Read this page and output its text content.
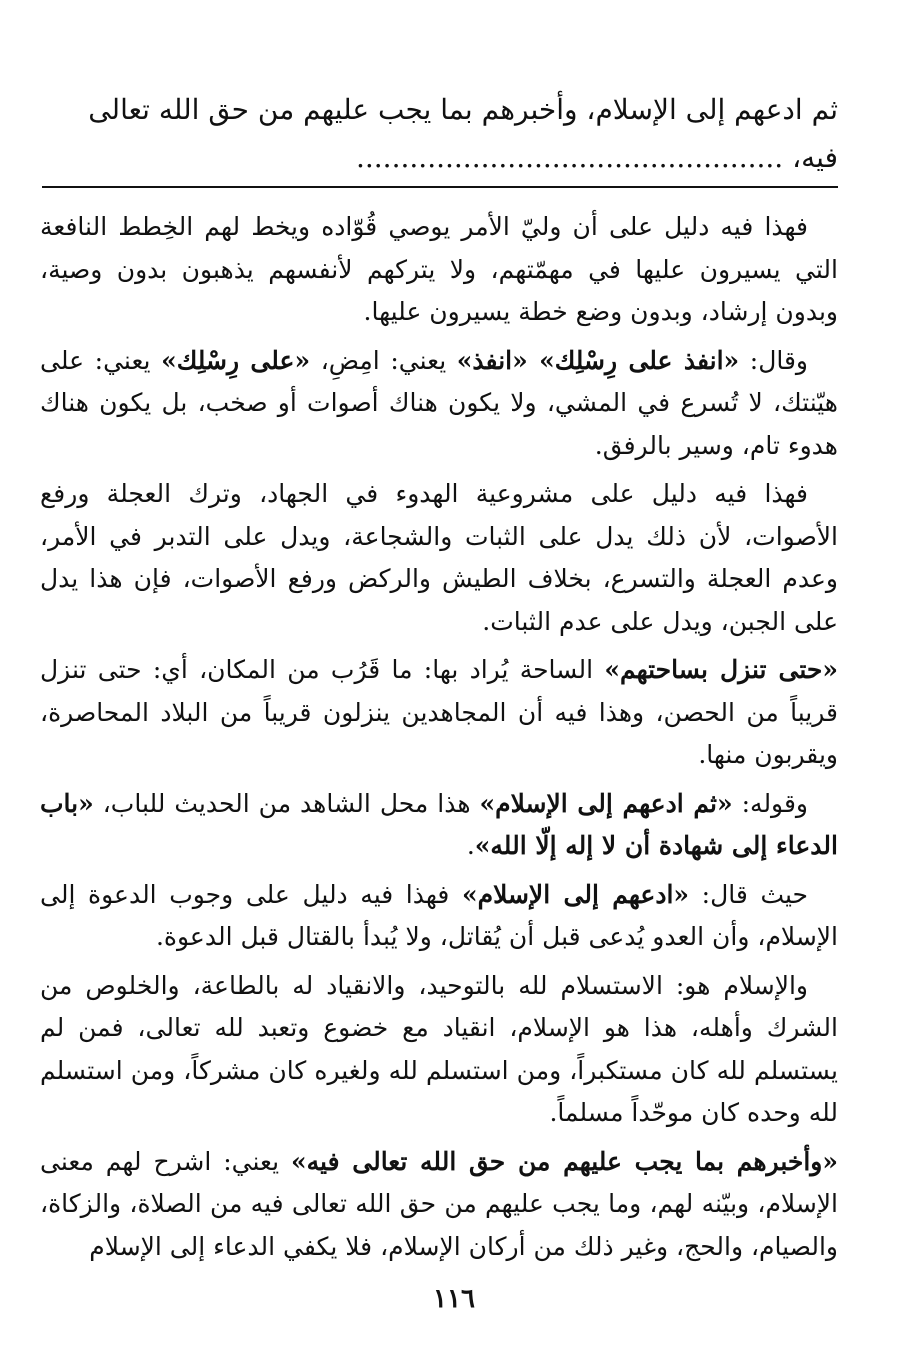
ثم ادعهم إلى الإسلام، وأخبرهم بما يجب عليهم من حق الله تعالى
فيه، ................................................

فهذا فيه دليل على أن وليّ الأمر يوصي قُوّاده ويخط لهم الخِطط النافعة التي يسيرون عليها في مهمّتهم، ولا يتركهم لأنفسهم يذهبون بدون وصية، وبدون إرشاد، وبدون وضع خطة يسيرون عليها.

وقال: «انفذ على رِسْلِك» «انفذ» يعني: امِضِ، «على رِسْلِك» يعني: على هيّنتك، لا تُسرع في المشي، ولا يكون هناك أصوات أو صخب، بل يكون هناك هدوء تام، وسير بالرفق.

فهذا فيه دليل على مشروعية الهدوء في الجهاد، وترك العجلة ورفع الأصوات، لأن ذلك يدل على الثبات والشجاعة، ويدل على التدبر في الأمر، وعدم العجلة والتسرع، بخلاف الطيش والركض ورفع الأصوات، فإن هذا يدل على الجبن، ويدل على عدم الثبات.

«حتى تنزل بساحتهم» الساحة يُراد بها: ما قَرُب من المكان، أي: حتى تنزل قريباً من الحصن، وهذا فيه أن المجاهدين ينزلون قريباً من البلاد المحاصرة، ويقربون منها.

وقوله: «ثم ادعهم إلى الإسلام» هذا محل الشاهد من الحديث للباب، «باب الدعاء إلى شهادة أن لا إله إلّا الله».

حيث قال: «ادعهم إلى الإسلام» فهذا فيه دليل على وجوب الدعوة إلى الإسلام، وأن العدو يُدعى قبل أن يُقاتل، ولا يُبدأ بالقتال قبل الدعوة.

والإسلام هو: الاستسلام لله بالتوحيد، والانقياد له بالطاعة، والخلوص من الشرك وأهله، هذا هو الإسلام، انقياد مع خضوع وتعبد لله تعالى، فمن لم يستسلم لله كان مستكبراً، ومن استسلم لله ولغيره كان مشركاً، ومن استسلم لله وحده كان موحّداً مسلماً.

«وأخبرهم بما يجب عليهم من حق الله تعالى فيه» يعني: اشرح لهم معنى الإسلام، وبيّنه لهم، وما يجب عليهم من حق الله تعالى فيه من الصلاة، والزكاة، والصيام، والحج، وغير ذلك من أركان الإسلام، فلا يكفي الدعاء إلى الإسلام

١١٦
